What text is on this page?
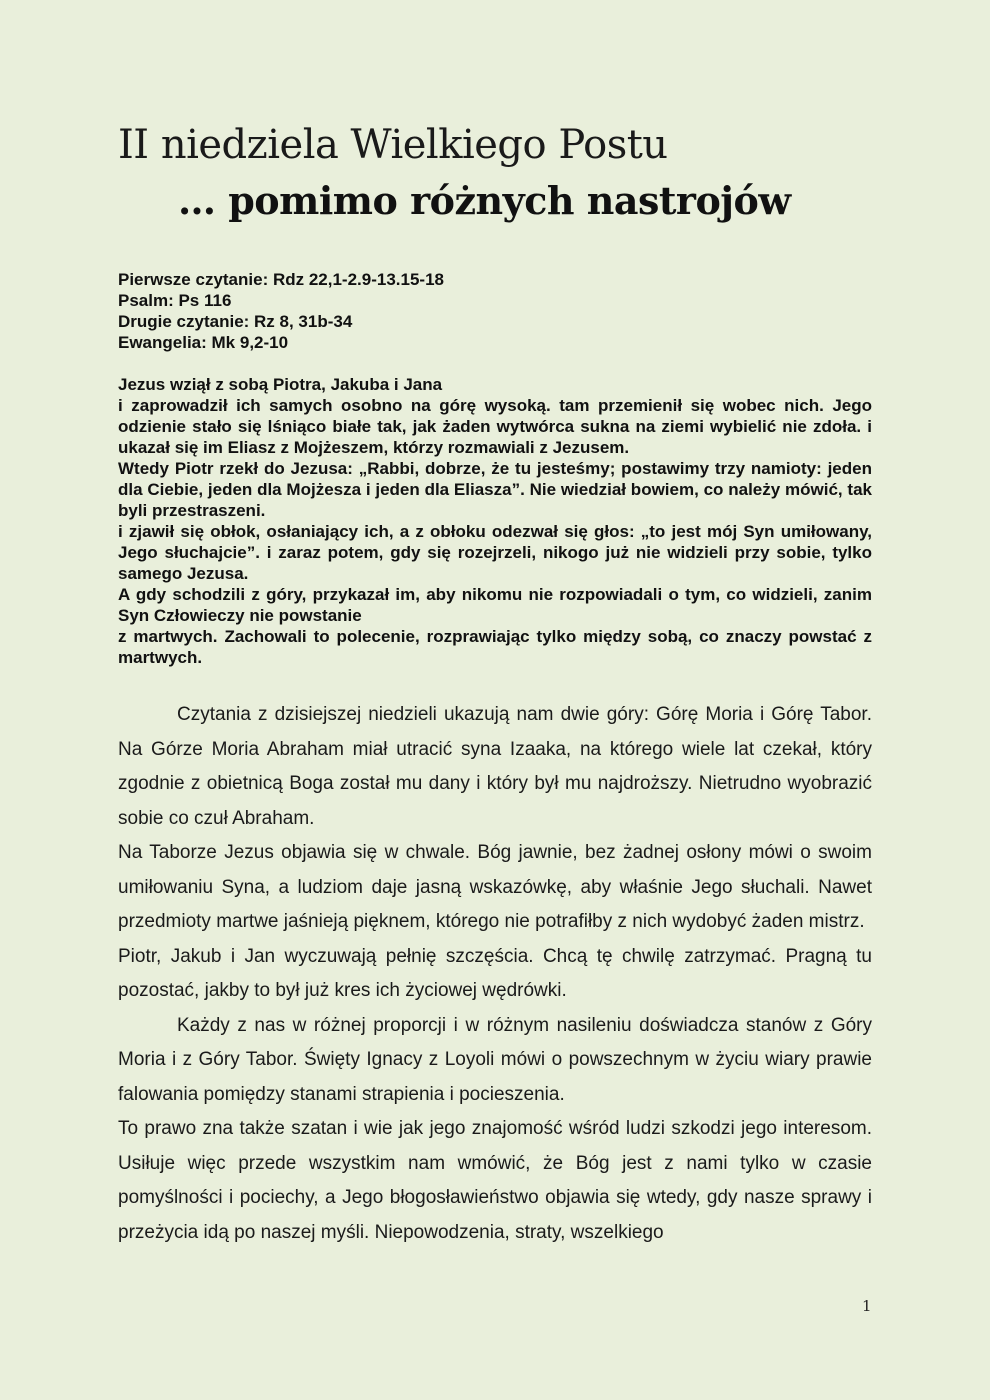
II niedziela Wielkiego Postu
… pomimo różnych nastrojów
Pierwsze czytanie: Rdz 22,1-2.9-13.15-18
Psalm: Ps 116
Drugie czytanie: Rz 8, 31b-34
Ewangelia: Mk 9,2-10

Jezus wziął z sobą Piotra, Jakuba i Jana

i zaprowadził ich samych osobno na górę wysoką. tam przemienił się wobec nich. Jego odzienie stało się lśniąco białe tak, jak żaden wytwórca sukna na ziemi wybielić nie zdoła. i ukazał się im Eliasz z Mojżeszem, którzy rozmawiali z Jezusem.

Wtedy Piotr rzekł do Jezusa: „Rabbi, dobrze, że tu jesteśmy; postawimy trzy namioty: jeden dla Ciebie, jeden dla Mojżesza i jeden dla Eliasza”. Nie wiedział bowiem, co należy mówić, tak byli przestraszeni.

i zjawił się obłok, osłaniający ich, a z obłoku odezwał się głos: „to jest mój Syn umiłowany, Jego słuchajcie”. i zaraz potem, gdy się rozejrzeli, nikogo już nie widzieli przy sobie, tylko samego Jezusa.

A gdy schodzili z góry, przykazał im, aby nikomu nie rozpowiadali o tym, co widzieli, zanim Syn Człowieczy nie powstanie

z martwych. Zachowali to polecenie, rozprawiając tylko między sobą, co znaczy powstać z martwych.

Czytania z dzisiejszej niedzieli ukazują nam dwie góry: Górę Moria i Górę Tabor. Na Górze Moria Abraham miał utracić syna Izaaka, na którego wiele lat czekał, który zgodnie z obietnicą Boga został mu dany i który był mu najdroższy. Nietrudno wyobrazić sobie co czuł Abraham.

Na Taborze Jezus objawia się w chwale. Bóg jawnie, bez żadnej osłony mówi o swoim umiłowaniu Syna, a ludziom daje jasną wskazówkę, aby właśnie Jego słuchali. Nawet przedmioty martwe jaśnieją pięknem, którego nie potrafiłby z nich wydobyć żaden mistrz.

Piotr, Jakub i Jan wyczuwają pełnię szczęścia. Chcą tę chwilę zatrzymać. Pragną tu pozostać, jakby to był już kres ich życiowej wędrówki.

Każdy z nas w różnej proporcji i w różnym nasileniu doświadcza stanów z Góry Moria i z Góry Tabor. Święty Ignacy z Loyoli mówi o powszechnym w życiu wiary prawie falowania pomiędzy stanami strapienia i pocieszenia.

To prawo zna także szatan i wie jak jego znajomość wśród ludzi szkodzi jego interesom. Usiłuje więc przede wszystkim nam wmówić, że Bóg jest z nami tylko w czasie pomyślności i pociechy, a Jego błogosławieństwo objawia się wtedy, gdy nasze sprawy i przeżycia idą po naszej myśli. Niepowodzenia, straty, wszelkiego

1
